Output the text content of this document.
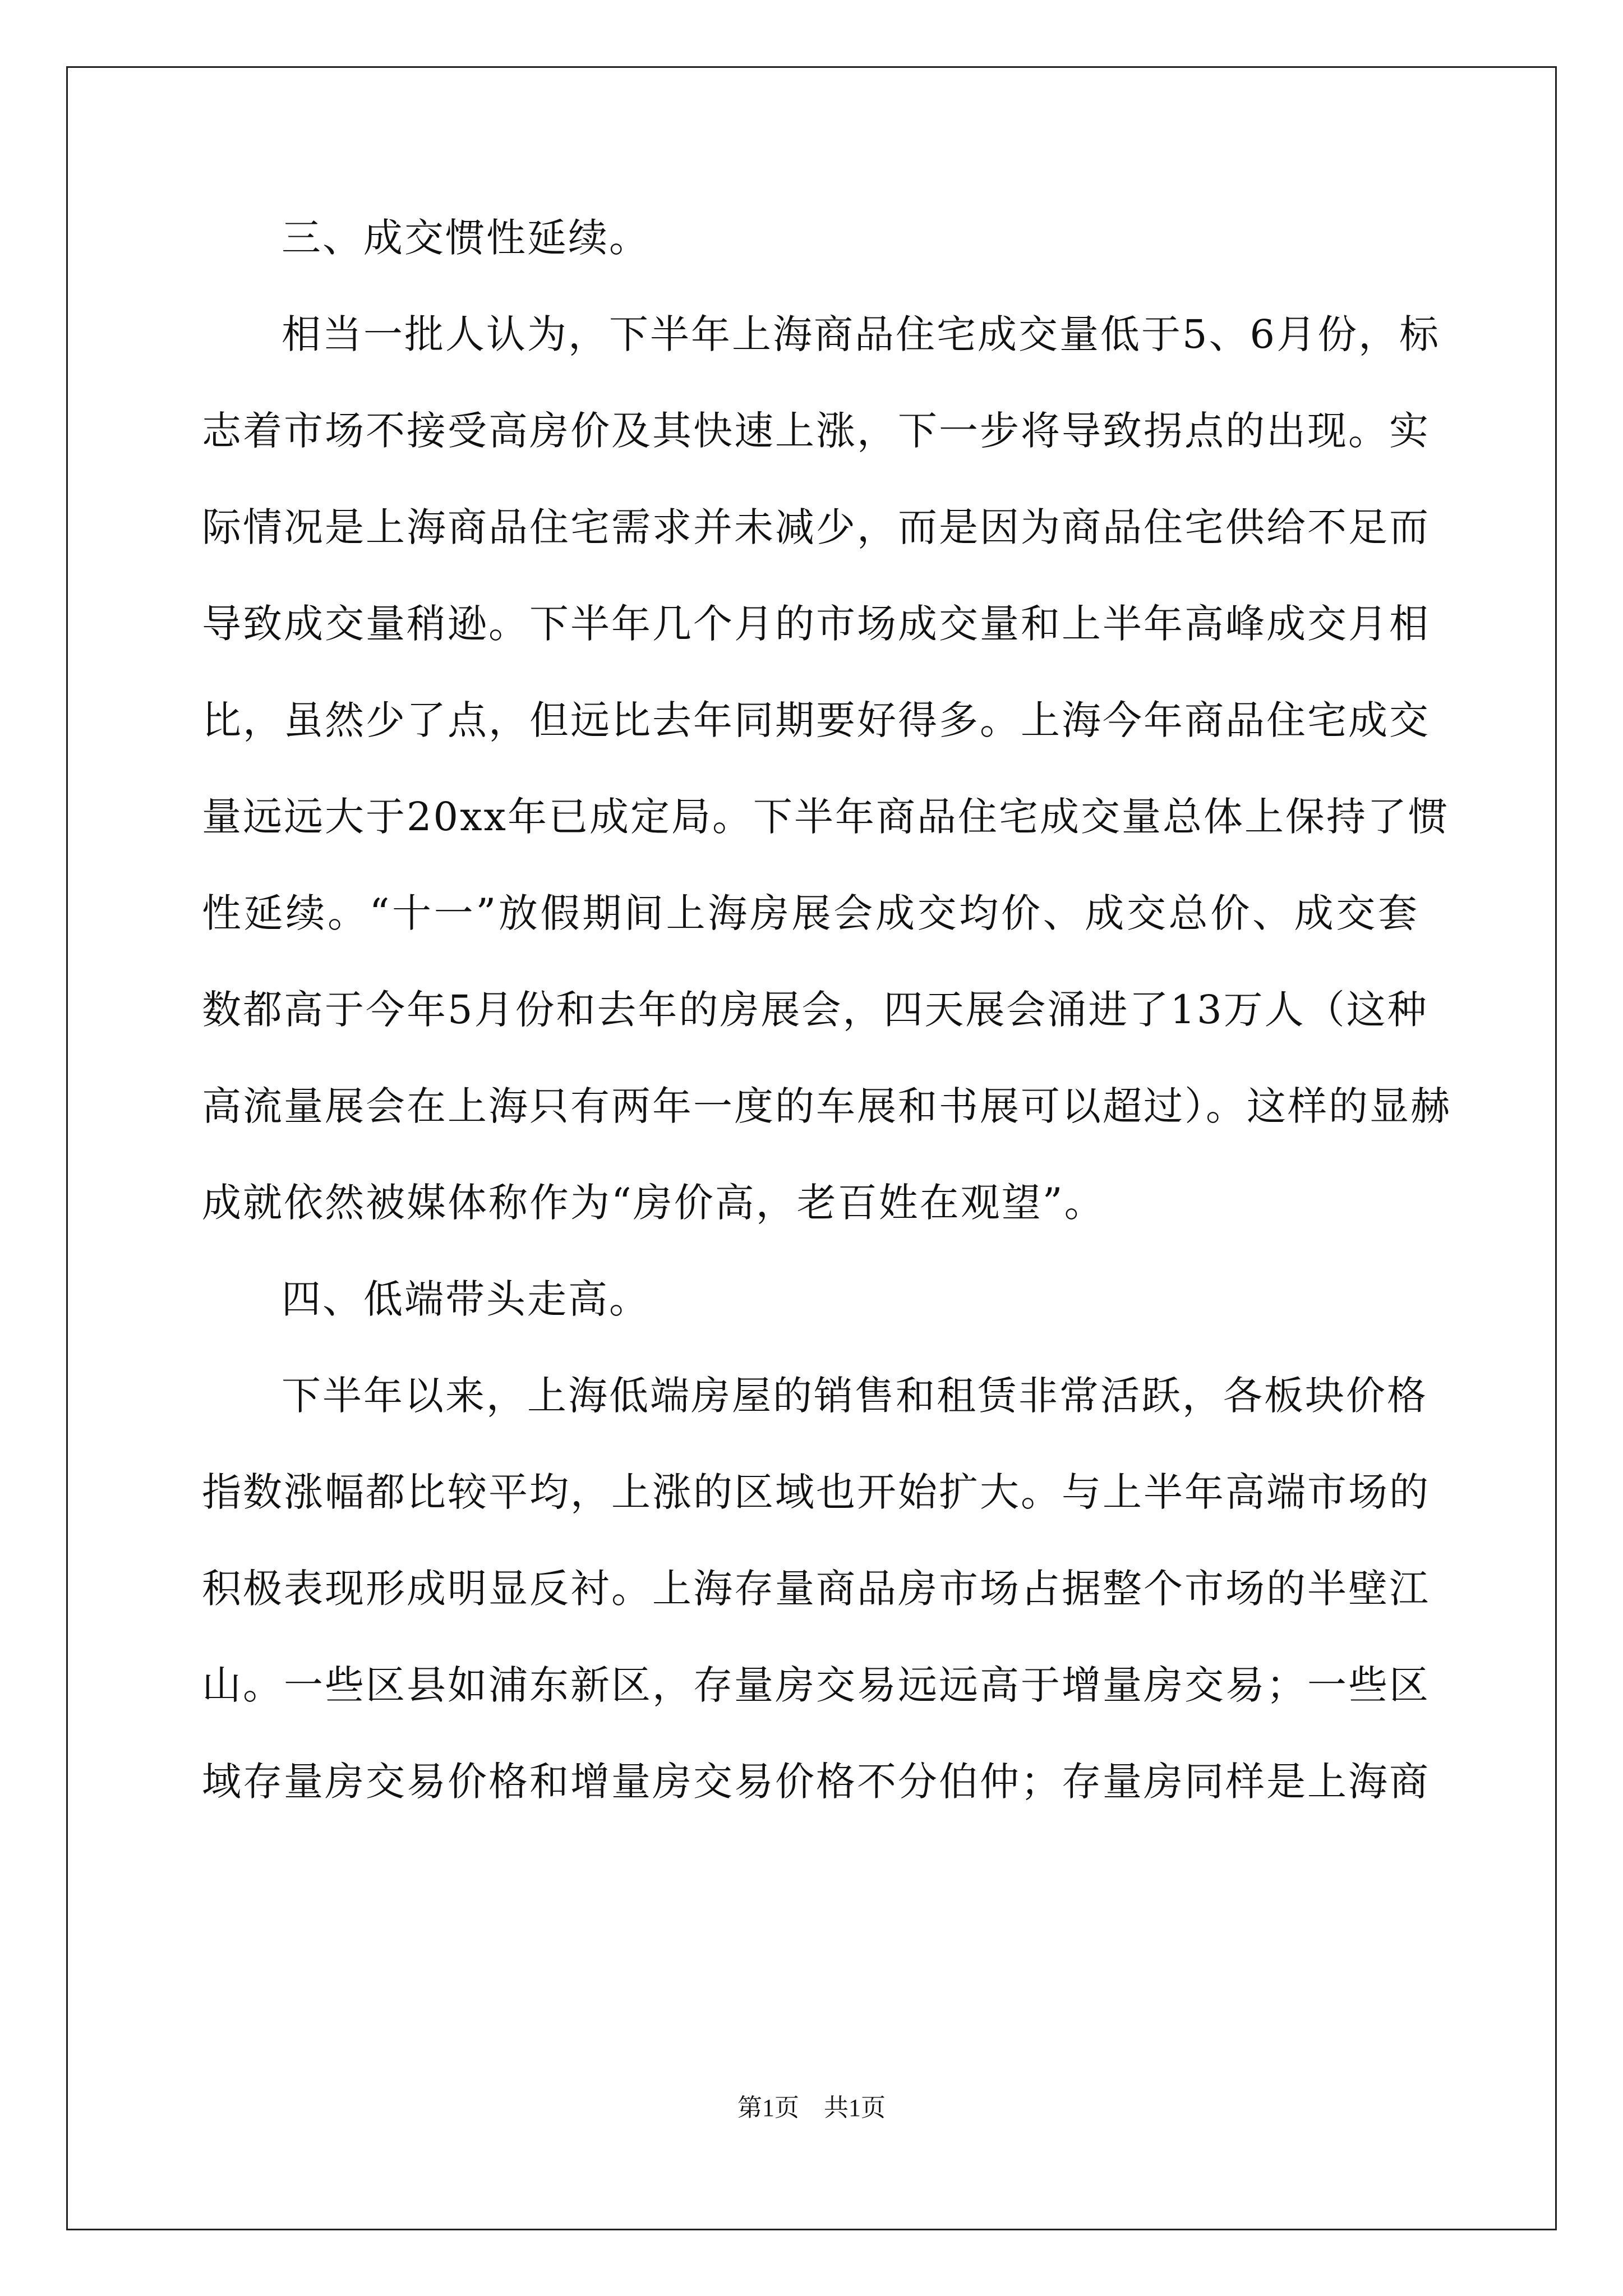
三、成交惯性延续。
相当一批人认为，下半年上海商品住宅成交量低于5、6月份，标
志着市场不接受高房价及其快速上涨，下一步将导致拐点的出现。实
际情况是上海商品住宅需求并未减少，而是因为商品住宅供给不足而
导致成交量稍逊。下半年几个月的市场成交量和上半年高峰成交月相
比，虽然少了点，但远比去年同期要好得多。上海今年商品住宅成交
量远远大于20xx年已成定局。下半年商品住宅成交量总体上保持了惯
性延续。“十一”放假期间上海房展会成交均价、成交总价、成交套
数都高于今年5月份和去年的房展会，四天展会涌进了13万人（这种
高流量展会在上海只有两年一度的车展和书展可以超过）。这样的显赫
成就依然被媒体称作为“房价高，老百姓在观望”。
四、低端带头走高。
下半年以来，上海低端房屋的销售和租赁非常活跃，各板块价格
指数涨幅都比较平均，上涨的区域也开始扩大。与上半年高端市场的
积极表现形成明显反衬。上海存量商品房市场占据整个市场的半壁江
山。一些区县如浦东新区，存量房交易远远高于增量房交易；一些区
域存量房交易价格和增量房交易价格不分伯仲；存量房同样是上海商
第1页　共1页
